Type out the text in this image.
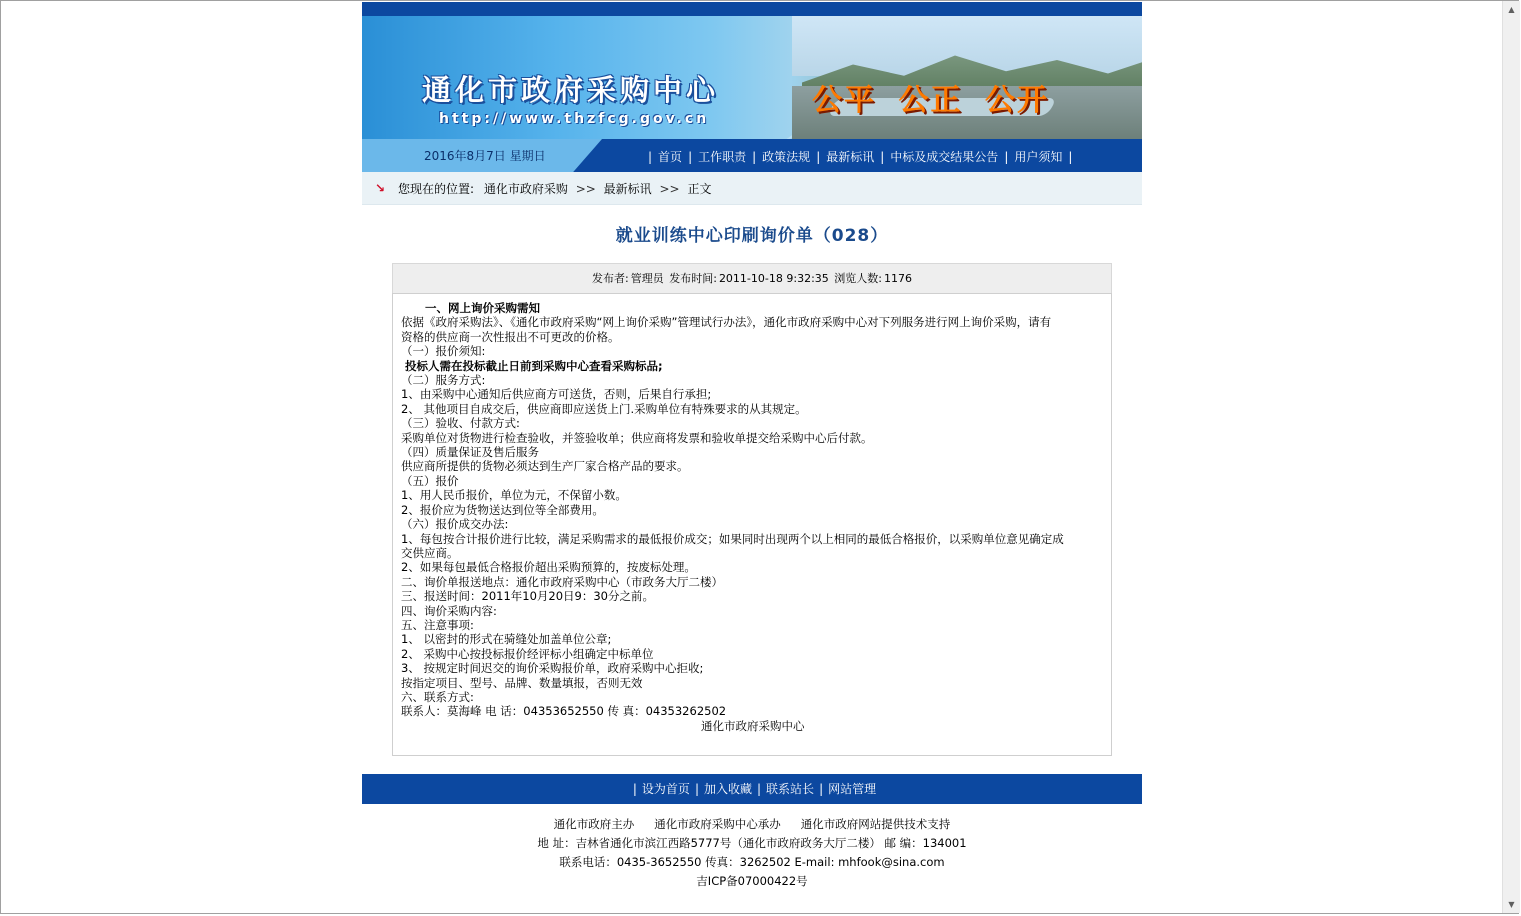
▲
▼
通化市政府采购中心
http://www.thzfcg.gov.cn
公平 公正 公开
2016年8月7日 星期日	| 首页 | 工作职责 | 政策法规 | 最新标讯 | 中标及成交结果公告 | 用户须知 |
↘ 您现在的位置: 通化市政府采购 >> 最新标讯 >> 正文
就业训练中心印刷询价单（028）
发布者: 管理员 发布时间: 2011-10-18 9:32:35 浏览人数: 1176

一、网上询价采购需知

依据《政府采购法》、《通化市政府采购“网上询价采购”管理试行办法》，通化市政府采购中心对下列服务进行网上询价采购，请有

资格的供应商一次性报出不可更改的价格。

（一）报价须知:

投标人需在投标截止日前到采购中心查看采购标品;

（二）服务方式:

1、由采购中心通知后供应商方可送货，否则，后果自行承担;

2、 其他项目自成交后，供应商即应送货上门.采购单位有特殊要求的从其规定。

（三）验收、付款方式:

采购单位对货物进行检查验收，并签验收单；供应商将发票和验收单提交给采购中心后付款。

（四）质量保证及售后服务

供应商所提供的货物必须达到生产厂家合格产品的要求。

（五）报价

1、用人民币报价，单位为元，不保留小数。

2、报价应为货物送达到位等全部费用。

（六）报价成交办法:

1、每包按合计报价进行比较，满足采购需求的最低报价成交；如果同时出现两个以上相同的最低合格报价，以采购单位意见确定成

交供应商。

2、如果每包最低合格报价超出采购预算的，按废标处理。

二、询价单报送地点：通化市政府采购中心（市政务大厅二楼）

三、报送时间：2011年10月20日9：30分之前。

四、询价采购内容:

五、注意事项:

1、 以密封的形式在骑缝处加盖单位公章;

2、 采购中心按投标报价经评标小组确定中标单位

3、 按规定时间迟交的询价采购报价单，政府采购中心拒收;

按指定项目、型号、品牌、数量填报，否则无效

六、联系方式:

联系人：莫海峰 电 话：04353652550 传 真：04353262502

通化市政府采购中心

| 设为首页 | 加入收藏 | 联系站长 | 网站管理

通化市政府主办 通化市政府采购中心承办 通化市政府网站提供技术支持

地 址：吉林省通化市滨江西路5777号（通化市政府政务大厅二楼） 邮 编：134001

联系电话：0435-3652550 传真：3262502 E-mail: mhfook@sina.com

吉ICP备07000422号
